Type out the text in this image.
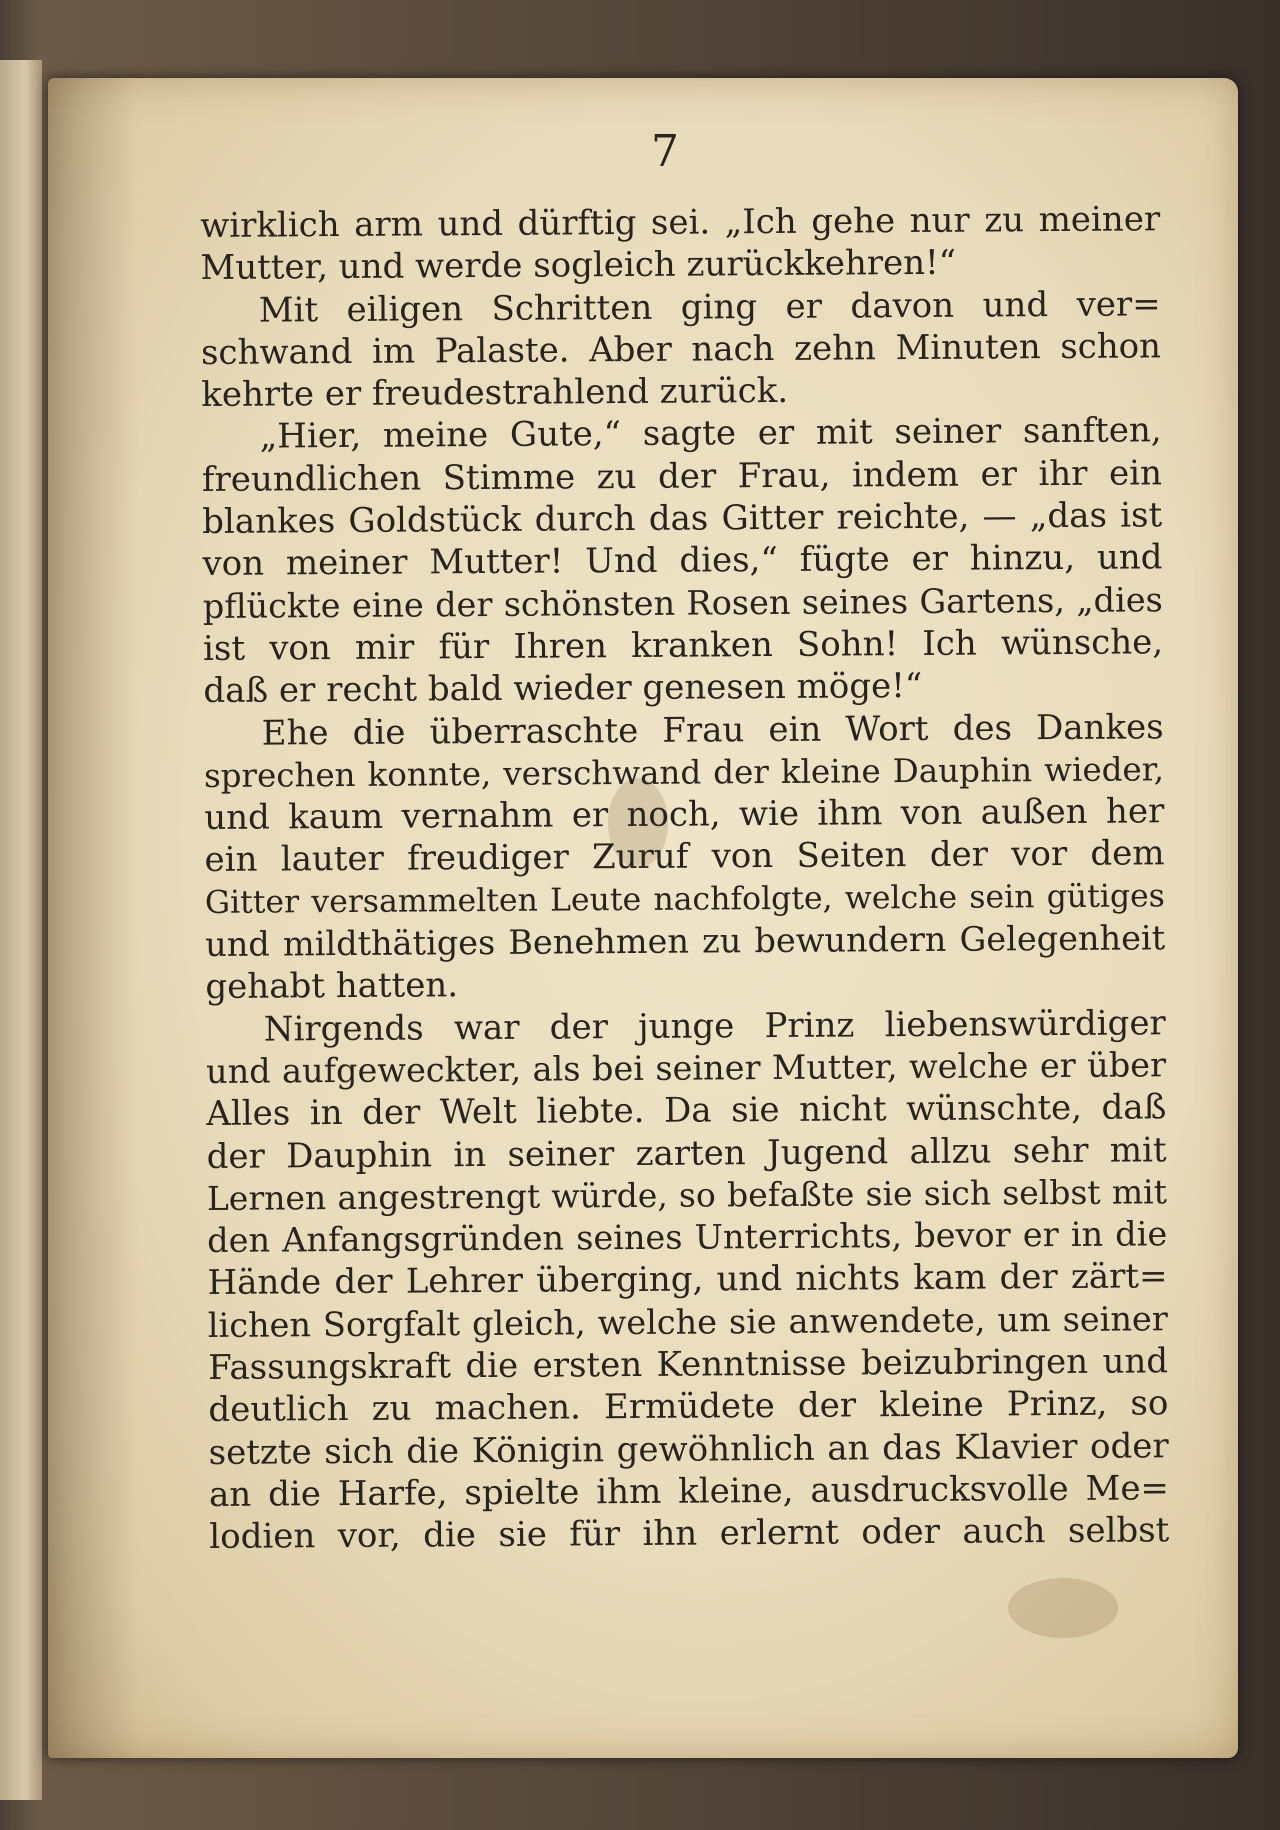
7
wirklich arm und dürftig sei. „Ich gehe nur zu meiner
Mutter, und werde sogleich zurückkehren!“
Mit eiligen Schritten ging er davon und ver=
schwand im Palaste. Aber nach zehn Minuten schon
kehrte er freudestrahlend zurück.
„Hier, meine Gute,“ sagte er mit seiner sanften,
freundlichen Stimme zu der Frau, indem er ihr ein
blankes Goldstück durch das Gitter reichte, — „das ist
von meiner Mutter! Und dies,“ fügte er hinzu, und
pflückte eine der schönsten Rosen seines Gartens, „dies
ist von mir für Ihren kranken Sohn! Ich wünsche,
daß er recht bald wieder genesen möge!“
Ehe die überraschte Frau ein Wort des Dankes
sprechen konnte, verschwand der kleine Dauphin wieder,
und kaum vernahm er noch, wie ihm von außen her
ein lauter freudiger Zuruf von Seiten der vor dem
Gitter versammelten Leute nachfolgte, welche sein gütiges
und mildthätiges Benehmen zu bewundern Gelegenheit
gehabt hatten.
Nirgends war der junge Prinz liebenswürdiger
und aufgeweckter, als bei seiner Mutter, welche er über
Alles in der Welt liebte. Da sie nicht wünschte, daß
der Dauphin in seiner zarten Jugend allzu sehr mit
Lernen angestrengt würde, so befaßte sie sich selbst mit
den Anfangsgründen seines Unterrichts, bevor er in die
Hände der Lehrer überging, und nichts kam der zärt=
lichen Sorgfalt gleich, welche sie anwendete, um seiner
Fassungskraft die ersten Kenntnisse beizubringen und
deutlich zu machen. Ermüdete der kleine Prinz, so
setzte sich die Königin gewöhnlich an das Klavier oder
an die Harfe, spielte ihm kleine, ausdrucksvolle Me=
lodien vor, die sie für ihn erlernt oder auch selbst
